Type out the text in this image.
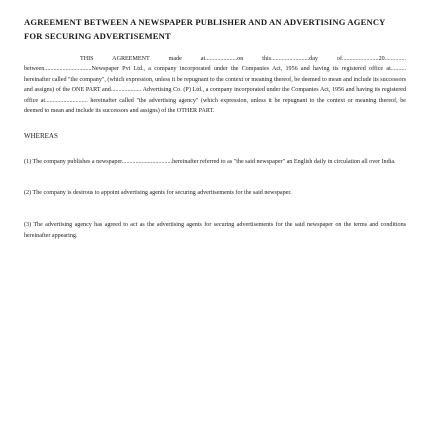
AGREEMENT BETWEEN A NEWSPAPER PUBLISHER AND AN ADVERTISING AGENCY FOR SECURING ADVERTISEMENT

THIS AGREEMENT made at.....................on this.........................day of........................20.............. between...............................Newspaper Pvt Ltd., a company incorporated under the Companies Act, 1956 and having its registered office at.......... hereinafter called "the company", (which expression, unless it be repugnant to the context or meaning thereof, be deemed to mean and include its successors and assigns) of the ONE PART and.................... Advertising Co. (P) Ltd., a company incorporated under the Companies Act, 1956 and having its registered office at............................ hereinafter called "the advertising agency" (which expression, unless it be repugnant to the context or meaning thereof, be deemed to mean and include its successors and assigns) of the OTHER PART.

WHEREAS

(1) The company publishes a newspaper.................................hereinafter referred to as "the said newspaper" an English daily in circulation all over India.

(2) The company is desirous to appoint advertising agents for securing advertisements for the said newspaper.

(3) The advertising agency has agreed to act as the advertising agents for securing advertisements for the said newspaper on the terms and conditions hereinafter appearing.
